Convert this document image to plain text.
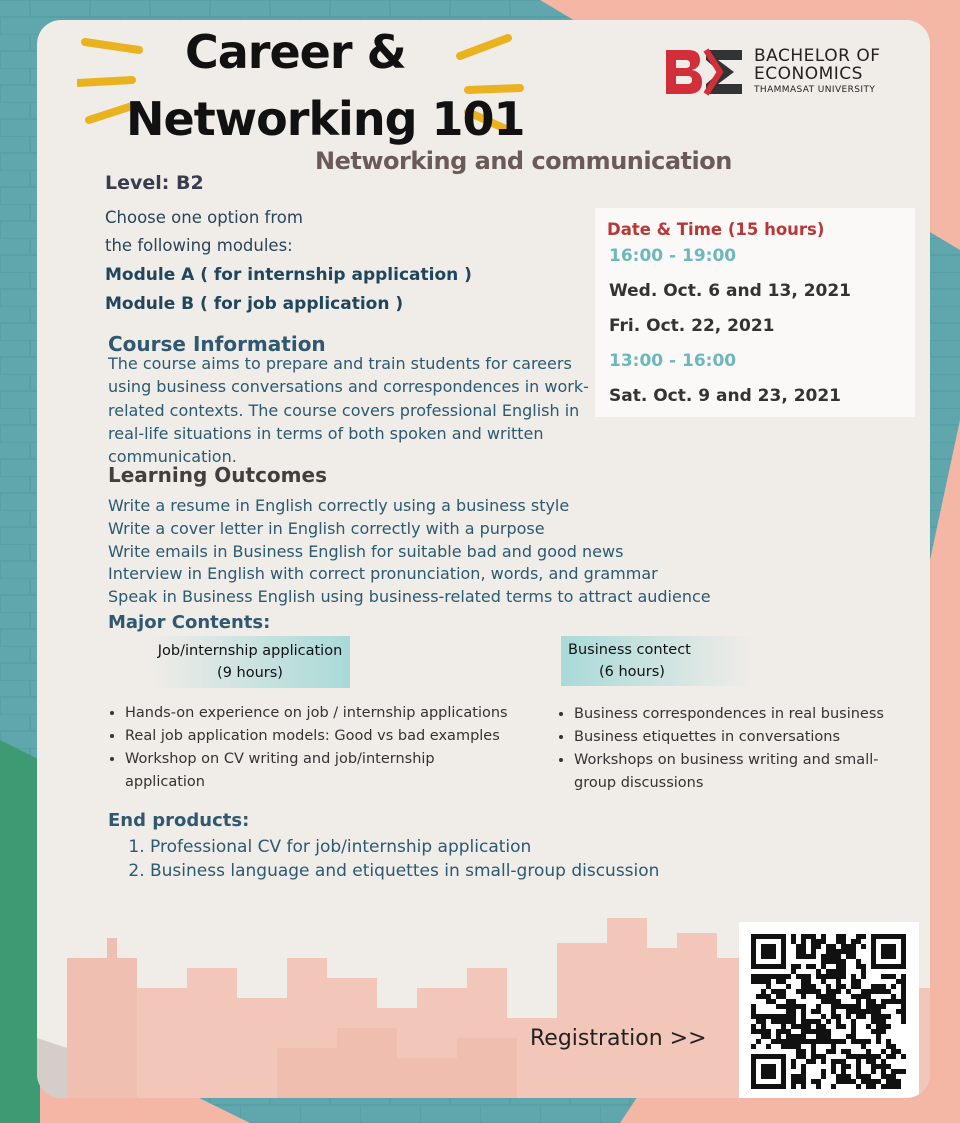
Career &
Networking 101
Networking and communication
BACHELOR OF
ECONOMICS
THAMMASAT UNIVERSITY
Level: B2
Choose one option from
the following modules:
Module A ( for internship application )
Module B ( for job application )
Date & Time (15 hours)
16:00 - 19:00
Wed. Oct. 6 and 13, 2021
Fri. Oct. 22, 2021
13:00 - 16:00
Sat. Oct. 9 and 23, 2021
Course Information
The course aims to prepare and train students for careers
using business conversations and correspondences in work-
related contexts. The course covers professional English in
real-life situations in terms of both spoken and written
communication.
Learning Outcomes
Write a resume in English correctly using a business style
Write a cover letter in English correctly with a purpose
Write emails in Business English for suitable bad and good news
Interview in English with correct pronunciation, words, and grammar
Speak in Business English using business-related terms to attract audience
Major Contents:
Job/internship application
(9 hours)
Business contect
(6 hours)
• Hands-on experience on job / internship applications
• Real job application models: Good vs bad examples
• Workshop on CV writing and job/internship application
• Business correspondences in real business
• Business etiquettes in conversations
• Workshops on business writing and small-group discussions
End products:
1. Professional CV for job/internship application
2. Business language and etiquettes in small-group discussion
Registration >>
